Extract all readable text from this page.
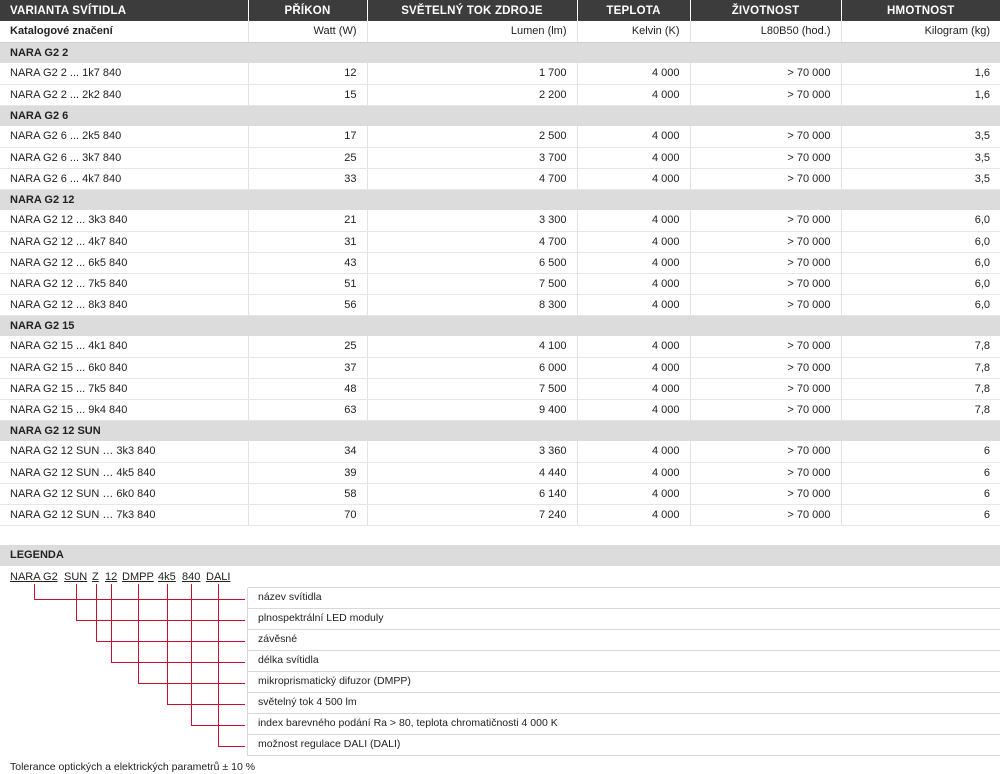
VARIANTA SVÍTIDLA	PŘÍKON	SVĚTELNÝ TOK ZDROJE	TEPLOTA	ŽIVOTNOST	HMOTNOST
Katalogové značení	Watt (W)	Lumen (lm)	Kelvin (K)	L80B50 (hod.)	Kilogram (kg)
NARA G2 2					
NARA G2 2 ... 1k7 840	12	1 700	4 000	> 70 000	1,6
NARA G2 2 ... 2k2 840	15	2 200	4 000	> 70 000	1,6
NARA G2 6					
NARA G2 6 ... 2k5 840	17	2 500	4 000	> 70 000	3,5
NARA G2 6 ... 3k7 840	25	3 700	4 000	> 70 000	3,5
NARA G2 6 ... 4k7 840	33	4 700	4 000	> 70 000	3,5
NARA G2 12					
NARA G2 12 ... 3k3 840	21	3 300	4 000	> 70 000	6,0
NARA G2 12 ... 4k7 840	31	4 700	4 000	> 70 000	6,0
NARA G2 12 ... 6k5 840	43	6 500	4 000	> 70 000	6,0
NARA G2 12 ... 7k5 840	51	7 500	4 000	> 70 000	6,0
NARA G2 12 ... 8k3 840	56	8 300	4 000	> 70 000	6,0
NARA G2 15					
NARA G2 15 ... 4k1 840	25	4 100	4 000	> 70 000	7,8
NARA G2 15 ... 6k0 840	37	6 000	4 000	> 70 000	7,8
NARA G2 15 ... 7k5 840	48	7 500	4 000	> 70 000	7,8
NARA G2 15 ... 9k4 840	63	9 400	4 000	> 70 000	7,8
NARA G2 12 SUN					
NARA G2 12 SUN … 3k3 840	34	3 360	4 000	> 70 000	6
NARA G2 12 SUN … 4k5 840	39	4 440	4 000	> 70 000	6
NARA G2 12 SUN … 6k0 840	58	6 140	4 000	> 70 000	6
NARA G2 12 SUN … 7k3 840	70	7 240	4 000	> 70 000	6

LEGENDA
NARA G2 SUN Z 12 DMPP 4k5 840 DALI
název svítidla
plnospektrální LED moduly
závěsné
délka svítidla
mikroprismatický difuzor (DMPP)
světelný tok 4 500 lm
index barevného podání Ra > 80, teplota chromatičnosti 4 000 K
možnost regulace DALI (DALI)
Tolerance optických a elektrických parametrů ± 10 %
